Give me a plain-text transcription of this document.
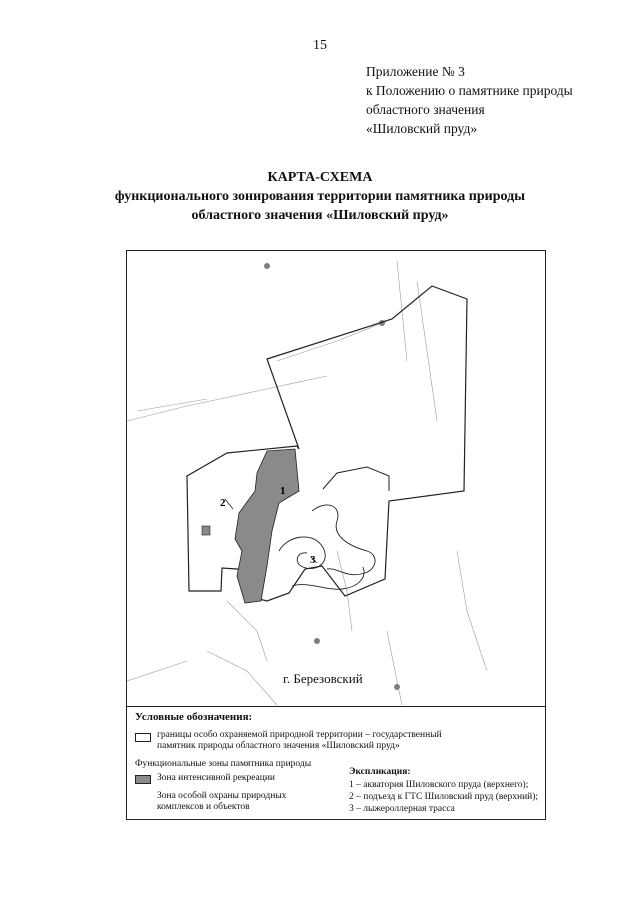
15
Приложение № 3
к Положению о памятнике природы
областного значения
«Шиловский пруд»
КАРТА-СХЕМА
функционального зонирования территории памятника природы
областного значения «Шиловский пруд»
1
2
3
г. Березовский
Условные обозначения:
границы особо охраняемой природной территории – государственный
памятник природы областного значения «Шиловский пруд»
Функциональные зоны памятника природы
Зона интенсивной рекреации
Зона особой охраны природных
комплексов и объектов
Экспликация:
1 – акватория Шиловского пруда (верхнего);
2 – подъезд к ГТС Шиловский пруд (верхний);
3 – лыжероллерная трасса
